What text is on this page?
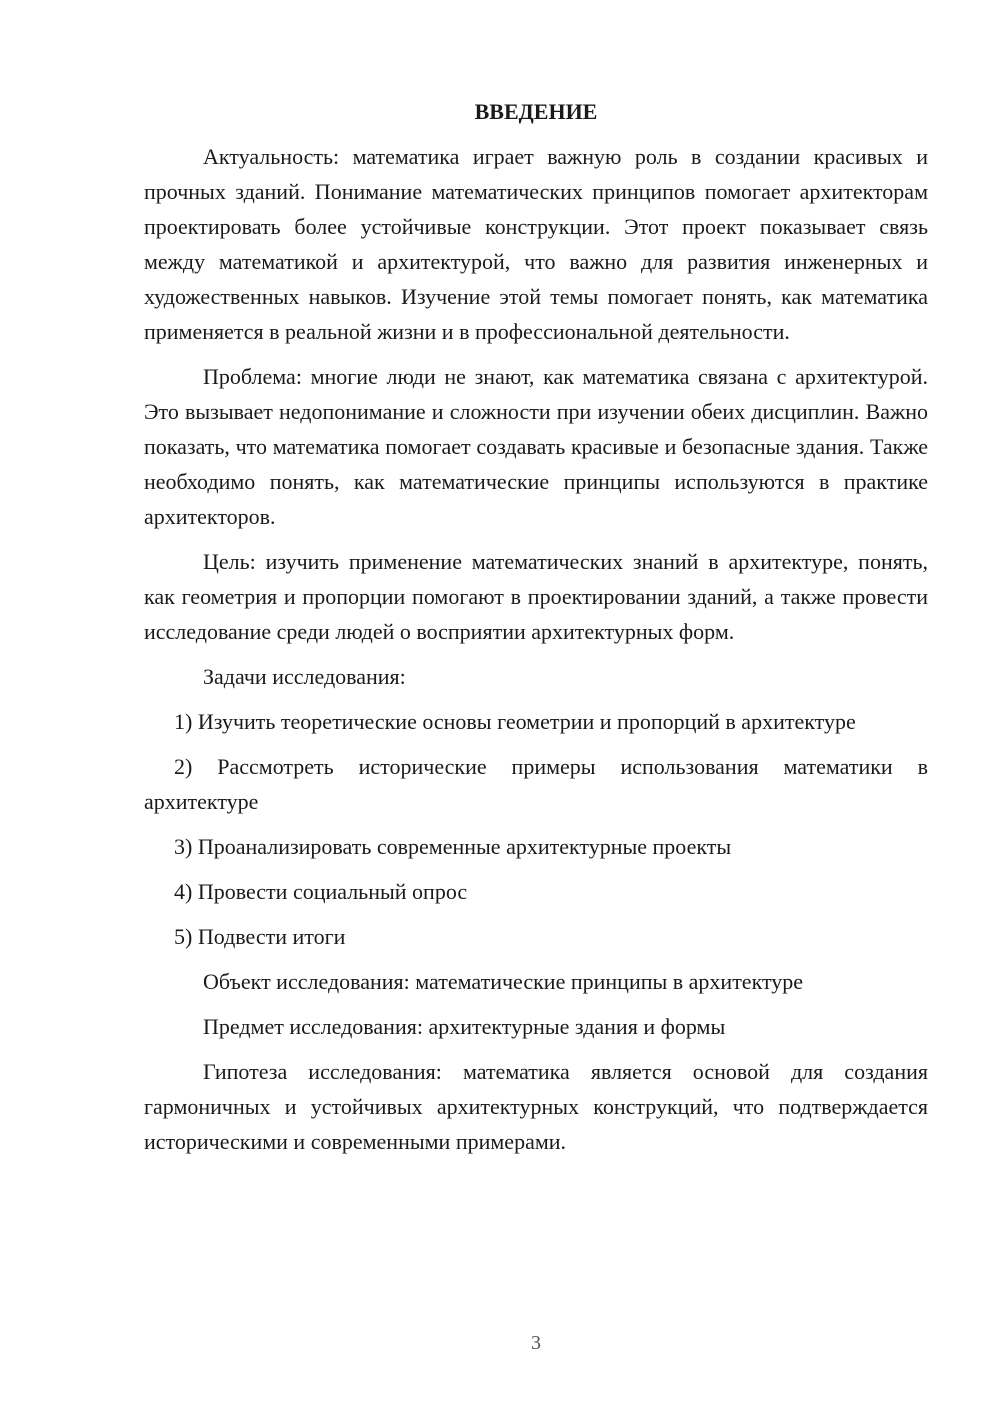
ВВЕДЕНИЕ

Актуальность: математика играет важную роль в создании красивых и прочных зданий. Понимание математических принципов помогает архитекторам проектировать более устойчивые конструкции. Этот проект показывает связь между математикой и архитектурой, что важно для развития инженерных и художественных навыков. Изучение этой темы помогает понять, как математика применяется в реальной жизни и в профессиональной деятельности.

Проблема: многие люди не знают, как математика связана с архитектурой. Это вызывает недопонимание и сложности при изучении обеих дисциплин. Важно показать, что математика помогает создавать красивые и безопасные здания. Также необходимо понять, как математические принципы используются в практике архитекторов.

Цель: изучить применение математических знаний в архитектуре, понять, как геометрия и пропорции помогают в проектировании зданий, а также провести исследование среди людей о восприятии архитектурных форм.

Задачи исследования:

1) Изучить теоретические основы геометрии и пропорций в архитектуре

2) Рассмотреть исторические примеры использования математики в архитектуре

3) Проанализировать современные архитектурные проекты

4) Провести социальный опрос

5) Подвести итоги

Объект исследования: математические принципы в архитектуре

Предмет исследования: архитектурные здания и формы

Гипотеза исследования: математика является основой для создания гармоничных и устойчивых архитектурных конструкций, что подтверждается историческими и современными примерами.

3
